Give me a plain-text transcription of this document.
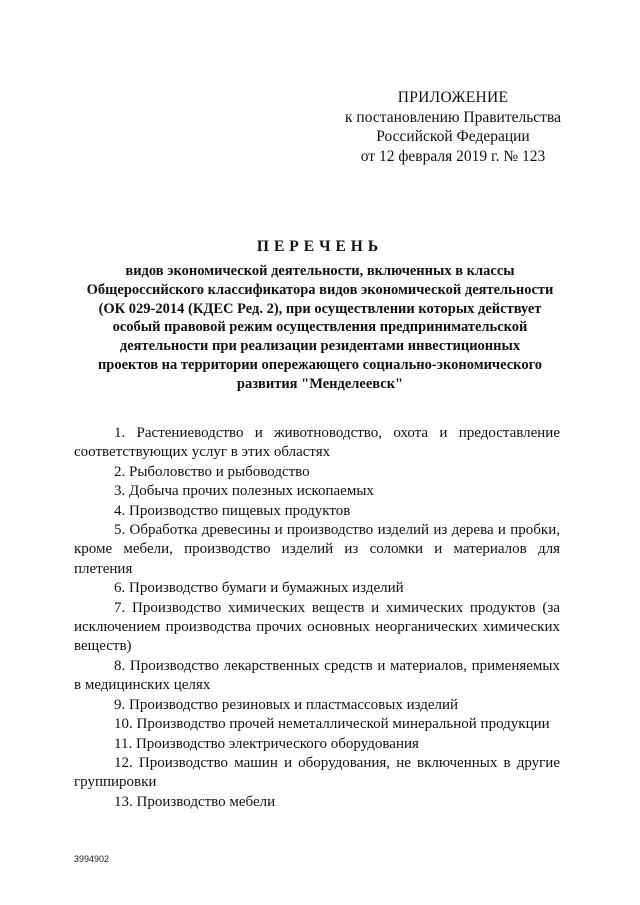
ПРИЛОЖЕНИЕ
к постановлению Правительства
Российской Федерации
от 12 февраля 2019 г. № 123
ПЕРЕЧЕНЬ
видов экономической деятельности, включенных в классы
Общероссийского классификатора видов экономической деятельности
(ОК 029-2014 (КДЕС Ред. 2), при осуществлении которых действует
особый правовой режим осуществления предпринимательской
деятельности при реализации резидентами инвестиционных
проектов на территории опережающего социально-экономического
развития "Менделеевск"

1. Растениеводство и животноводство, охота и предоставление соответствующих услуг в этих областях

2. Рыболовство и рыбоводство

3. Добыча прочих полезных ископаемых

4. Производство пищевых продуктов

5. Обработка древесины и производство изделий из дерева и пробки, кроме мебели, производство изделий из соломки и материалов для плетения

6. Производство бумаги и бумажных изделий

7. Производство химических веществ и химических продуктов (за исключением производства прочих основных неорганических химических веществ)

8. Производство лекарственных средств и материалов, применяемых в медицинских целях

9. Производство резиновых и пластмассовых изделий

10. Производство прочей неметаллической минеральной продукции

11. Производство электрического оборудования

12. Производство машин и оборудования, не включенных в другие группировки

13. Производство мебели

3994902
